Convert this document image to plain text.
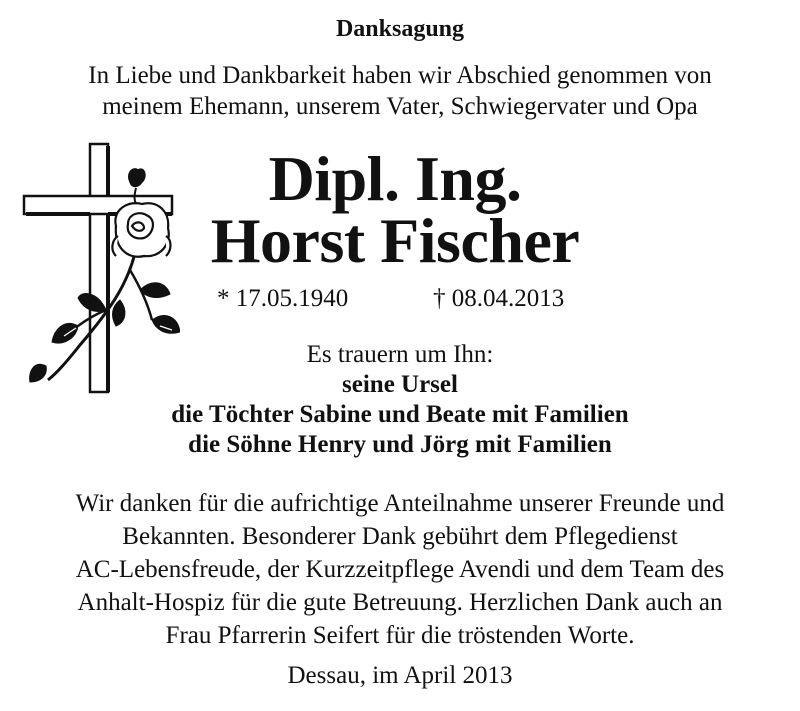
Danksagung
In Liebe und Dankbarkeit haben wir Abschied genommen von
meinem Ehemann, unserem Vater, Schwiegervater und Opa
Dipl. Ing.
Horst Fischer
* 17.05.1940	† 08.04.2013
Es trauern um Ihn:
seine Ursel
die Töchter Sabine und Beate mit Familien
die Söhne Henry und Jörg mit Familien
Wir danken für die aufrichtige Anteilnahme unserer Freunde und
Bekannten. Besonderer Dank gebührt dem Pflegedienst
AC-Lebensfreude, der Kurzzeitpflege Avendi und dem Team des
Anhalt-Hospiz für die gute Betreuung. Herzlichen Dank auch an
Frau Pfarrerin Seifert für die tröstenden Worte.
Dessau, im April 2013
